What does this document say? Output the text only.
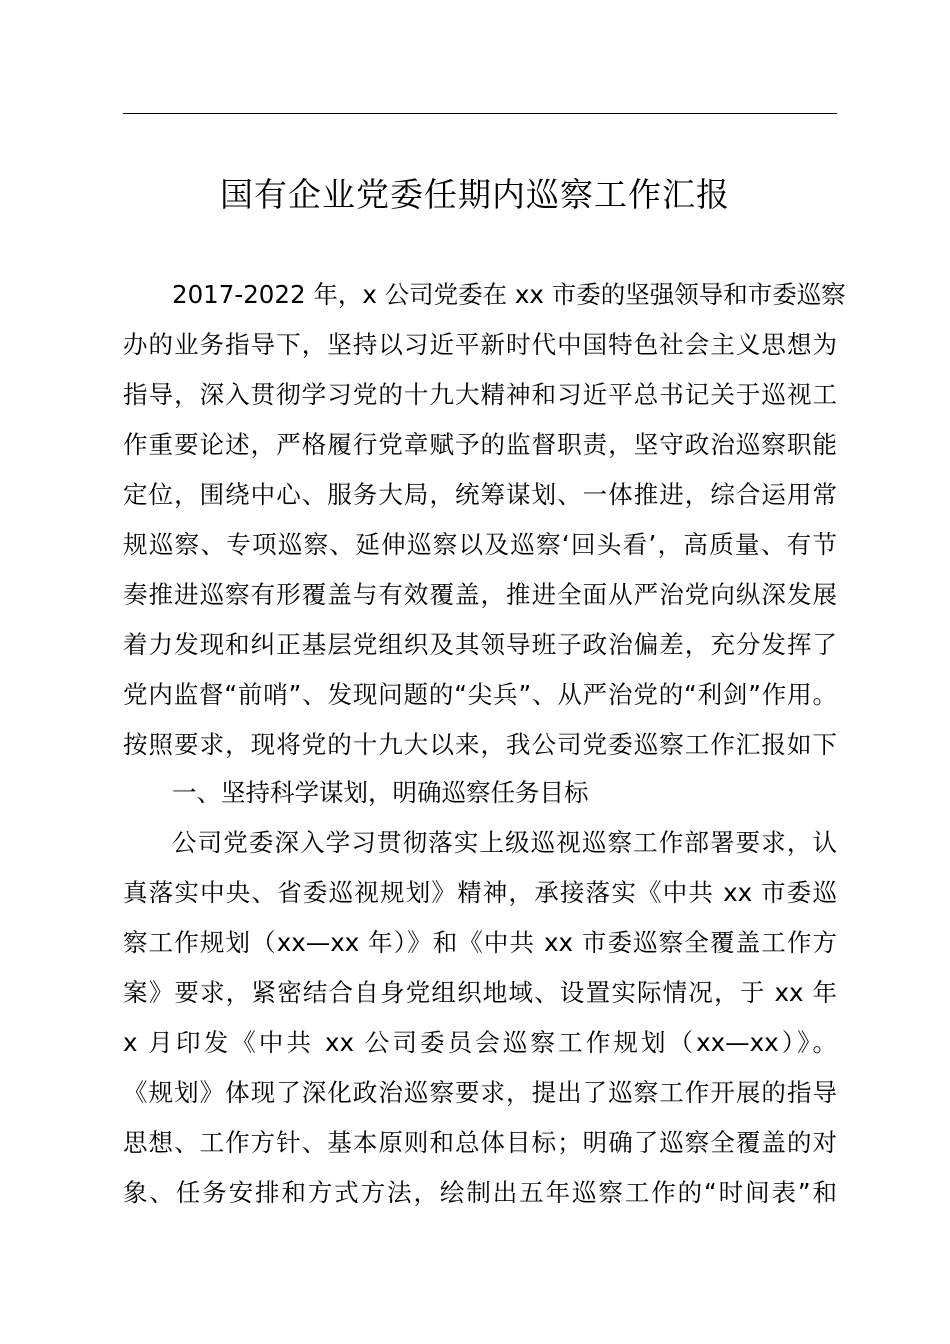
国有企业党委任期内巡察工作汇报
2017-2022 年，x 公司党委在 xx 市委的坚强领导和市委巡察
办的业务指导下，坚持以习近平新时代中国特色社会主义思想为
指导，深入贯彻学习党的十九大精神和习近平总书记关于巡视工
作重要论述，严格履行党章赋予的监督职责，坚守政治巡察职能
定位，围绕中心、服务大局，统筹谋划、一体推进，综合运用常
规巡察、专项巡察、延伸巡察以及巡察‘回头看’，高质量、有节
奏推进巡察有形覆盖与有效覆盖，推进全面从严治党向纵深发展
着力发现和纠正基层党组织及其领导班子政治偏差，充分发挥了
党内监督“前哨”、发现问题的“尖兵”、从严治党的“利剑”作用。
按照要求，现将党的十九大以来，我公司党委巡察工作汇报如下
一、坚持科学谋划，明确巡察任务目标
公司党委深入学习贯彻落实上级巡视巡察工作部署要求，认
真落实中央、省委巡视规划》精神，承接落实《中共 xx 市委巡
察工作规划（xx—xx 年）》和《中共 xx 市委巡察全覆盖工作方
案》要求，紧密结合自身党组织地域、设置实际情况，于 xx 年
x 月印发《中共 xx 公司委员会巡察工作规划（xx—xx）》。
《规划》体现了深化政治巡察要求，提出了巡察工作开展的指导
思想、工作方针、基本原则和总体目标；明确了巡察全覆盖的对
象、任务安排和方式方法，绘制出五年巡察工作的“时间表”和
